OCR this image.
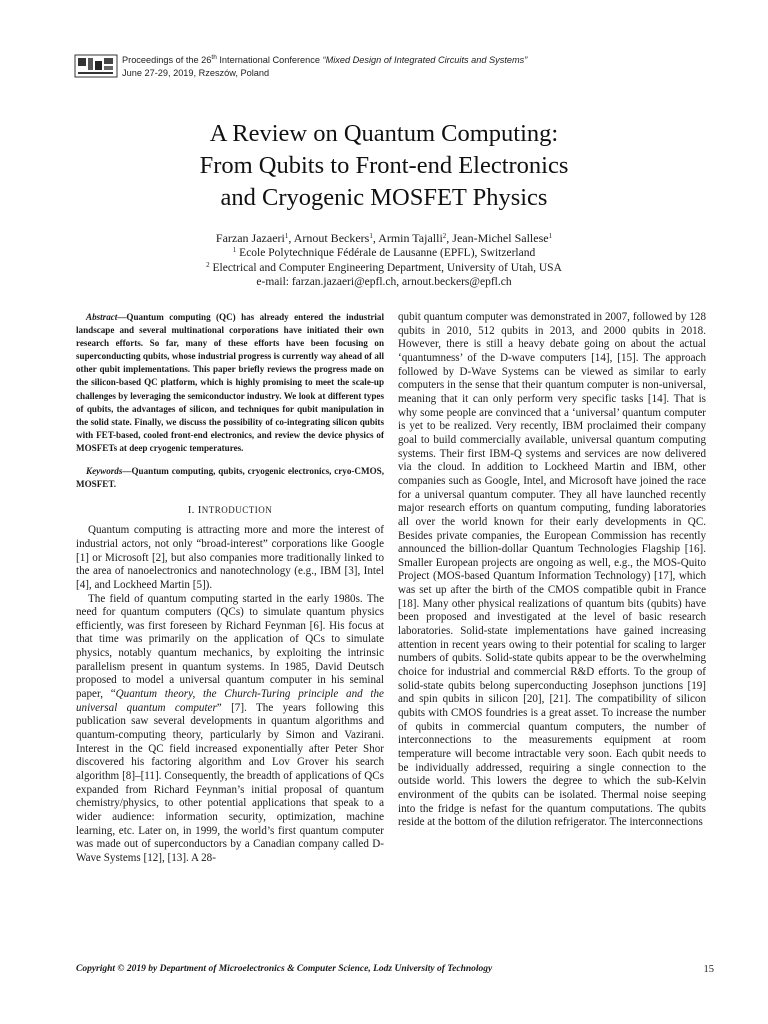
Proceedings of the 26th International Conference “Mixed Design of Integrated Circuits and Systems”
June 27-29, 2019, Rzeszów, Poland
A Review on Quantum Computing:
From Qubits to Front-end Electronics
and Cryogenic MOSFET Physics
Farzan Jazaeri$^1$, Arnout Beckers$^1$, Armin Tajalli$^2$, Jean-Michel Sallese$^1$
$^1$ Ecole Polytechnique Fédérale de Lausanne (EPFL), Switzerland
$^2$ Electrical and Computer Engineering Department, University of Utah, USA
e-mail: farzan.jazaeri@epfl.ch, arnout.beckers@epfl.ch

Abstract—Quantum computing (QC) has already entered the industrial landscape and several multinational corporations have initiated their own research efforts. So far, many of these efforts have been focusing on superconducting qubits, whose industrial progress is currently way ahead of all other qubit implementations. This paper briefly reviews the progress made on the silicon-based QC platform, which is highly promising to meet the scale-up challenges by leveraging the semiconductor industry. We look at different types of qubits, the advantages of silicon, and techniques for qubit manipulation in the solid state. Finally, we discuss the possibility of co-integrating silicon qubits with FET-based, cooled front-end electronics, and review the device physics of MOSFETs at deep cryogenic temperatures.

Keywords—Quantum computing, qubits, cryogenic electronics, cryo-CMOS, MOSFET.

I. INTRODUCTION

Quantum computing is attracting more and more the interest of industrial actors, not only “broad-interest” corporations like Google [1] or Microsoft [2], but also companies more traditionally linked to the area of nanoelectronics and nanotechnology (e.g., IBM [3], Intel [4], and Lockheed Martin [5]).

The field of quantum computing started in the early 1980s. The need for quantum computers (QCs) to simulate quantum physics efficiently, was first foreseen by Richard Feynman [6]. His focus at that time was primarily on the application of QCs to simulate physics, notably quantum mechanics, by exploiting the intrinsic parallelism present in quantum systems. In 1985, David Deutsch proposed to model a universal quantum computer in his seminal paper, “Quantum theory, the Church-Turing principle and the universal quantum computer” [7]. The years following this publication saw several developments in quantum algorithms and quantum-computing theory, particularly by Simon and Vazirani. Interest in the QC field increased exponentially after Peter Shor discovered his factoring algorithm and Lov Grover his search algorithm [8]–[11]. Consequently, the breadth of applications of QCs expanded from Richard Feynman’s initial proposal of quantum chemistry/physics, to other potential applications that speak to a wider audience: information security, optimization, machine learning, etc. Later on, in 1999, the world’s first quantum computer was made out of superconductors by a Canadian company called D-Wave Systems [12], [13]. A 28-

qubit quantum computer was demonstrated in 2007, followed by 128 qubits in 2010, 512 qubits in 2013, and 2000 qubits in 2018. However, there is still a heavy debate going on about the actual ‘quantumness’ of the D-wave computers [14], [15]. The approach followed by D-Wave Systems can be viewed as similar to early computers in the sense that their quantum computer is non-universal, meaning that it can only perform very specific tasks [14]. That is why some people are convinced that a ‘universal’ quantum computer is yet to be realized. Very recently, IBM proclaimed their company goal to build commercially available, universal quantum computing systems. Their first IBM-Q systems and services are now delivered via the cloud. In addition to Lockheed Martin and IBM, other companies such as Google, Intel, and Microsoft have joined the race for a universal quantum computer. They all have launched recently major research efforts on quantum computing, funding laboratories all over the world known for their early developments in QC. Besides private companies, the European Commission has recently announced the billion-dollar Quantum Technologies Flagship [16]. Smaller European projects are ongoing as well, e.g., the MOS-Quito Project (MOS-based Quantum Information Technology) [17], which was set up after the birth of the CMOS compatible qubit in France [18]. Many other physical realizations of quantum bits (qubits) have been proposed and investigated at the level of basic research laboratories. Solid-state implementations have gained increasing attention in recent years owing to their potential for scaling to larger numbers of qubits. Solid-state qubits appear to be the overwhelming choice for industrial and commercial R&D efforts. To the group of solid-state qubits belong superconducting Josephson junctions [19] and spin qubits in silicon [20], [21]. The compatibility of silicon qubits with CMOS foundries is a great asset. To increase the number of qubits in commercial quantum computers, the number of interconnections to the measurements equipment at room temperature will become intractable very soon. Each qubit needs to be individually addressed, requiring a single connection to the outside world. This lowers the degree to which the sub-Kelvin environment of the qubits can be isolated. Thermal noise seeping into the fridge is nefast for the quantum computations. The qubits reside at the bottom of the dilution refrigerator. The interconnections

Copyright © 2019 by Department of Microelectronics & Computer Science, Lodz University of Technology	15
